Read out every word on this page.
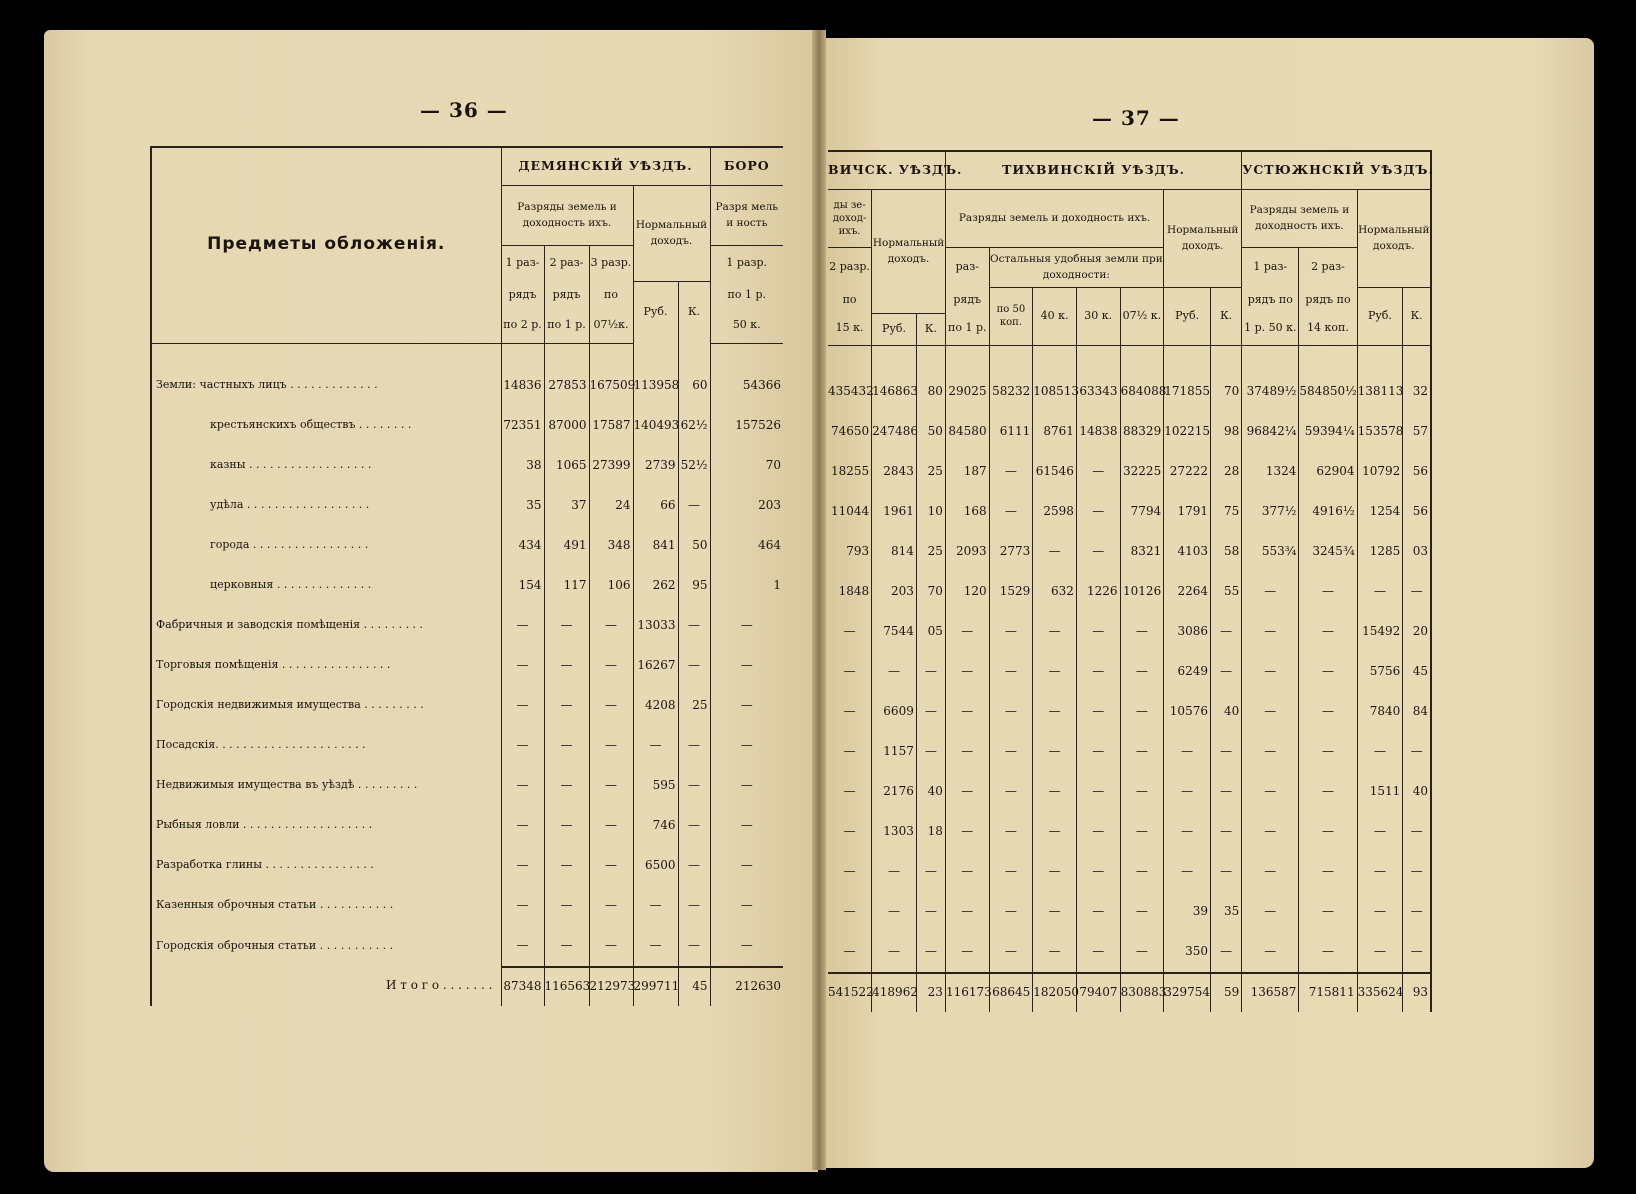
— 36 —	— 37 —
Предметы обложенія.	ДЕМЯНСКІЙ УѢЗДЪ.					БОРО
	Разряды земель и доходность ихъ.			Нормальный доходъ.		Разря мель и ность
	1 раз-	2 раз-	3 разр.			1 разр.
	рядъ	рядъ	по	Руб.	К.	по 1 р.
	по 2 р.	по 1 р.	07½к.			50 к.

Земли: частныхъ лицъ . . . . . . . . . . . . .	14836	27853	167509	113958	60	54366
крестьянскихъ обществъ . . . . . . . .	72351	87000	17587	140493	62½	157526
казны . . . . . . . . . . . . . . . . . .	38	1065	27399	2739	52½	70
удѣла . . . . . . . . . . . . . . . . . .	35	37	24	66	—	203
города . . . . . . . . . . . . . . . . .	434	491	348	841	50	464
церковныя . . . . . . . . . . . . . .	154	117	106	262	95	1
Фабричныя и заводскія помѣщенія . . . . . . . . .	—	—	—	13033	—	—
Торговыя помѣщенія . . . . . . . . . . . . . . . .	—	—	—	16267	—	—
Городскія недвижимыя имущества . . . . . . . . .	—	—	—	4208	25	—
Посадскія. . . . . . . . . . . . . . . . . . . . . .	—	—	—	—	—	—
Недвижимыя имущества въ уѣздѣ . . . . . . . . .	—	—	—	595	—	—
Рыбныя ловли . . . . . . . . . . . . . . . . . . .	—	—	—	746	—	—
Разработка глины . . . . . . . . . . . . . . . .	—	—	—	6500	—	—
Казенныя оброчныя статьи . . . . . . . . . . .	—	—	—	—	—	—
Городскія оброчныя статьи . . . . . . . . . . .	—	—	—	—	—	—
И т о г о . . . . . . .	87348	116563	212973	299711	45	212630
ВИЧСК. УѢЗДЪ.			ТИХВИНСКІЙ УѢЗДЪ.							УСТЮЖНСКІЙ УѢЗДЪ.			
ды зе- доход- ихъ.	Нормальный доходъ.		Разряды земель и доходность ихъ.					Нормальный доходъ.		Разряды земель и доходность ихъ.		Нормальный доходъ.	
2 разр.			раз-	Остальныя удобныя земли при доходности:						1 раз-	2 раз-		
по			рядъ	по 50 коп.	40 к.	30 к.	07½ к.	Руб.	К.	рядъ по	рядъ по	Руб.	К.
15 к.	Руб.	К.	по 1 р.							1 р. 50 к.	14 коп.		

435432	146863	80	29025	58232	108513	63343	684088	171855	70	37489½	584850½	138113	32
74650	247486	50	84580	6111	8761	14838	88329	102215	98	96842¼	59394¼	153578	57
18255	2843	25	187	—	61546	—	32225	27222	28	1324	62904	10792	56
11044	1961	10	168	—	2598	—	7794	1791	75	377½	4916½	1254	56
793	814	25	2093	2773	—	—	8321	4103	58	553¾	3245¾	1285	03
1848	203	70	120	1529	632	1226	10126	2264	55	—	—	—	—
—	7544	05	—	—	—	—	—	3086	—	—	—	15492	20
—	—	—	—	—	—	—	—	6249	—	—	—	5756	45
—	6609	—	—	—	—	—	—	10576	40	—	—	7840	84
—	1157	—	—	—	—	—	—	—	—	—	—	—	—
—	2176	40	—	—	—	—	—	—	—	—	—	1511	40
—	1303	18	—	—	—	—	—	—	—	—	—	—	—
—	—	—	—	—	—	—	—	—	—	—	—	—	—
—	—	—	—	—	—	—	—	39	35	—	—	—	—
—	—	—	—	—	—	—	—	350	—	—	—	—	—
541522	418962	23	116173	68645	182050	79407	830883	329754	59	136587	715811	335624	93
